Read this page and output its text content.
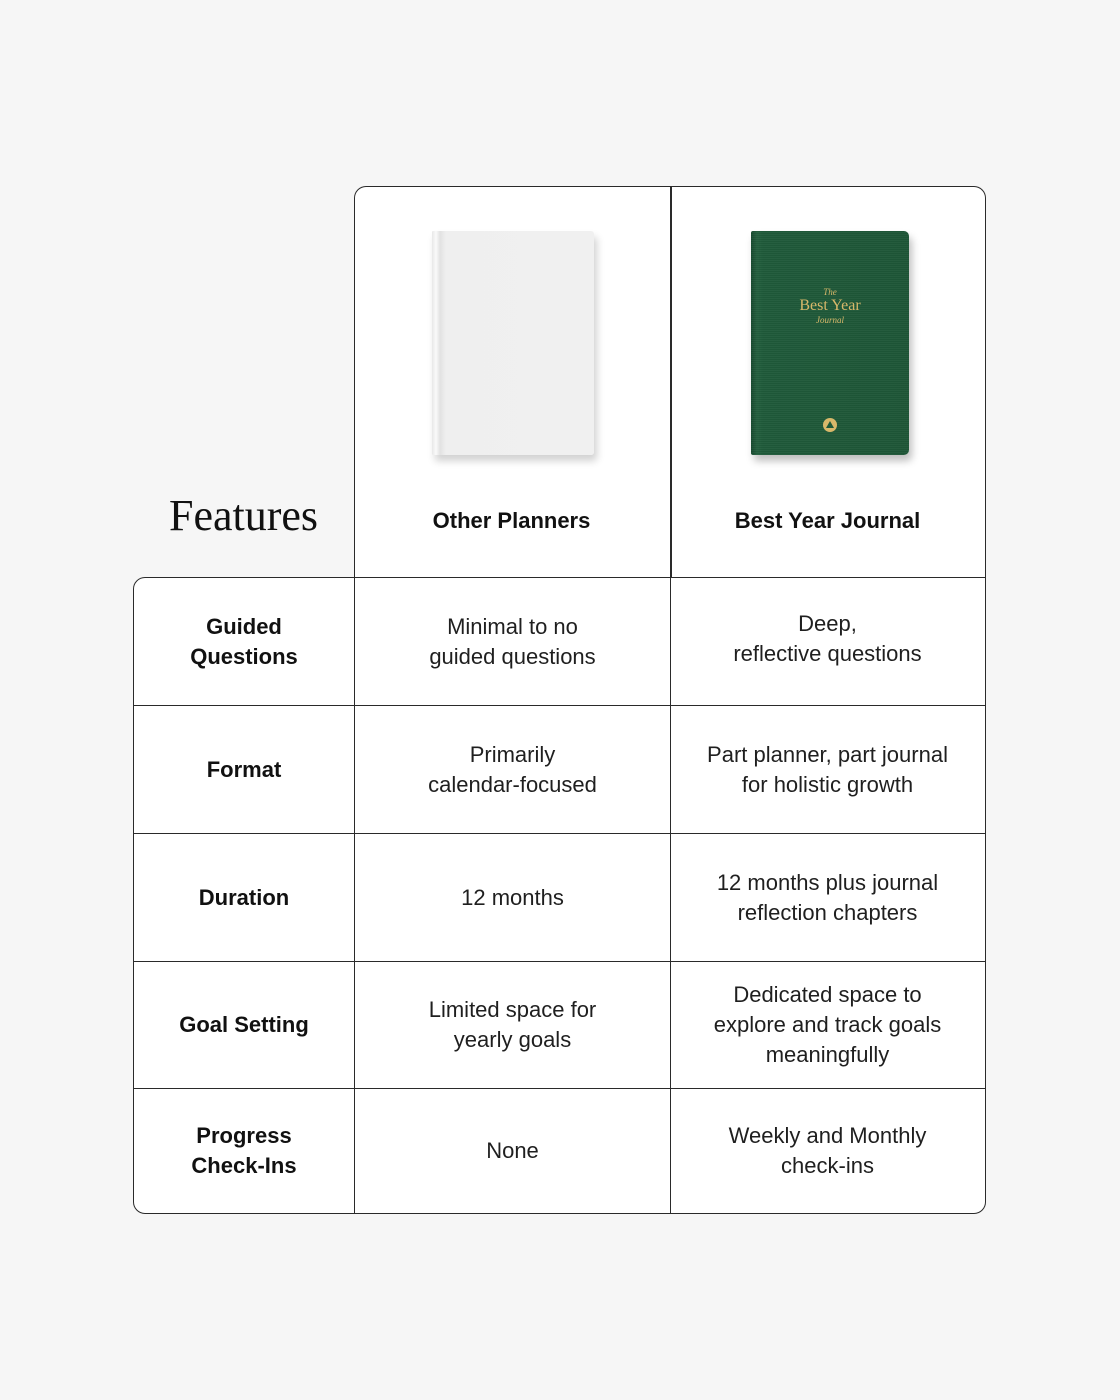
Features
The
Best Year
Journal
Other Planners	Best Year Journal
Guided
Questions
Minimal to no
guided questions
Deep,
reflective questions
Format
Primarily
calendar-focused
Part planner, part journal
for holistic growth
Duration	12 months
12 months plus journal
reflection chapters
Goal Setting
Limited space for
yearly goals
Dedicated space to
explore and track goals
meaningfully
Progress
Check-Ins
None
Weekly and Monthly
check-ins
